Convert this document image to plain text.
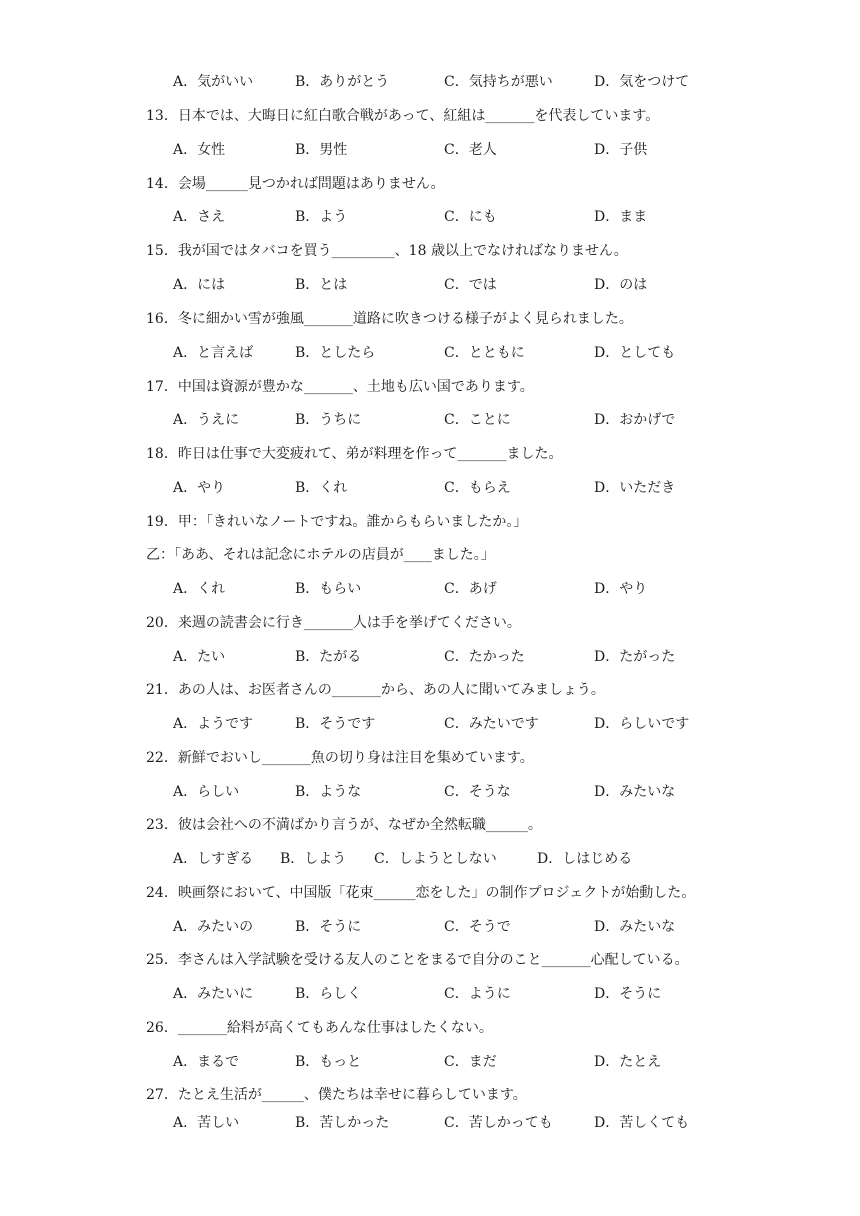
A．気がいい	B．ありがとう	C．気持ちが悪い	D．気をつけて
13．日本では、大晦日に紅白歌合戦があって、紅組は_______を代表しています。
A．女性	B．男性	C．老人	D．子供
14．会場______見つかれば問題はありません。
A．さえ	B．よう	C．にも	D．まま
15．我が国ではタバコを買う_________、18 歳以上でなければなりません。
A．には	B．とは	C．では	D．のは
16．冬に細かい雪が強風_______道路に吹きつける様子がよく見られました。
A．と言えば	B．としたら	C．とともに	D．としても
17．中国は資源が豊かな_______、土地も広い国であります。
A．うえに	B．うちに	C．ことに	D．おかげで
18．昨日は仕事で大変疲れて、弟が料理を作って_______ました。
A．やり	B．くれ	C．もらえ	D．いただき
19．甲：「きれいなノートですね。誰からもらいましたか。」
乙：「ああ、それは記念にホテルの店員が____ました。」
A．くれ	B．もらい	C．あげ	D．やり
20．来週の読書会に行き_______人は手を挙げてください。
A．たい	B．たがる	C．たかった	D．たがった
21．あの人は、お医者さんの_______から、あの人に聞いてみましょう。
A．ようです	B．そうです	C．みたいです	D．らしいです
22．新鮮でおいし_______魚の切り身は注目を集めています。
A．らしい	B．ような	C．そうな	D．みたいな
23．彼は会社への不満ばかり言うが、なぜか全然転職______。
A．しすぎる B．しよう C．しようとしない	D．しはじめる
24．映画祭において、中国版「花束______恋をした」の制作プロジェクトが始動した。
A．みたいの	B．そうに	C．そうで	D．みたいな
25．李さんは入学試験を受ける友人のことをまるで自分のこと_______心配している。
A．みたいに	B．らしく	C．ように	D．そうに
26．_______給料が高くてもあんな仕事はしたくない。
A．まるで	B．もっと	C．まだ	D．たとえ
27．たとえ生活が______、僕たちは幸せに暮らしています。
A．苦しい	B．苦しかった	C．苦しかっても	D．苦しくても
